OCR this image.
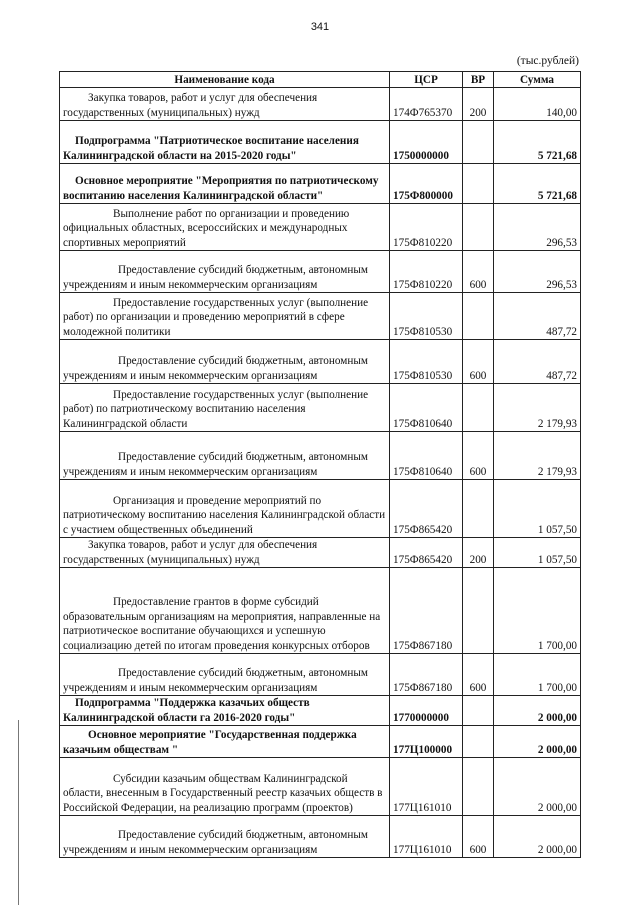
341
(тыс.рублей)
Наименование кода	ЦСР	ВР	Сумма
Закупка товаров, работ и услуг для обеспечения государственных (муниципальных) нужд	174Ф765370	200	140,00
Подпрограмма "Патриотическое воспитание населения Калининградской области на 2015-2020 годы"	1750000000		5 721,68
Основное мероприятие "Мероприятия по патриотическому воспитанию населения Калининградской области"	175Ф800000		5 721,68
Выполнение работ по организации и проведению официальных областных, всероссийских и международных спортивных мероприятий	175Ф810220		296,53
Предоставление субсидий бюджетным, автономным учреждениям и иным некоммерческим организациям	175Ф810220	600	296,53
Предоставление государственных услуг (выполнение работ) по организации и проведению мероприятий в сфере молодежной политики	175Ф810530		487,72
Предоставление субсидий бюджетным, автономным учреждениям и иным некоммерческим организациям	175Ф810530	600	487,72
Предоставление государственных услуг (выполнение работ) по патриотическому воспитанию населения Калининградской области	175Ф810640		2 179,93
Предоставление субсидий бюджетным, автономным учреждениям и иным некоммерческим организациям	175Ф810640	600	2 179,93
Организация и проведение мероприятий по патриотическому воспитанию населения Калининградской области с участием общественных объединений	175Ф865420		1 057,50
Закупка товаров, работ и услуг для обеспечения государственных (муниципальных) нужд	175Ф865420	200	1 057,50
Предоставление грантов в форме субсидий образовательным организациям на мероприятия, направленные на патриотическое воспитание обучающихся и успешную социализацию детей по итогам проведения конкурсных отборов	175Ф867180		1 700,00
Предоставление субсидий бюджетным, автономным учреждениям и иным некоммерческим организациям	175Ф867180	600	1 700,00
Подпрограмма "Поддержка казачьих обществ Калининградской области га 2016-2020 годы"	1770000000		2 000,00
Основное мероприятие "Государственная поддержка казачьим обществам "	177Ц100000		2 000,00
Субсидии казачьим обществам Калининградской области, внесенным в Государственный реестр казачьих обществ в Российской Федерации, на реализацию программ (проектов)	177Ц161010		2 000,00
Предоставление субсидий бюджетным, автономным учреждениям и иным некоммерческим организациям	177Ц161010	600	2 000,00
